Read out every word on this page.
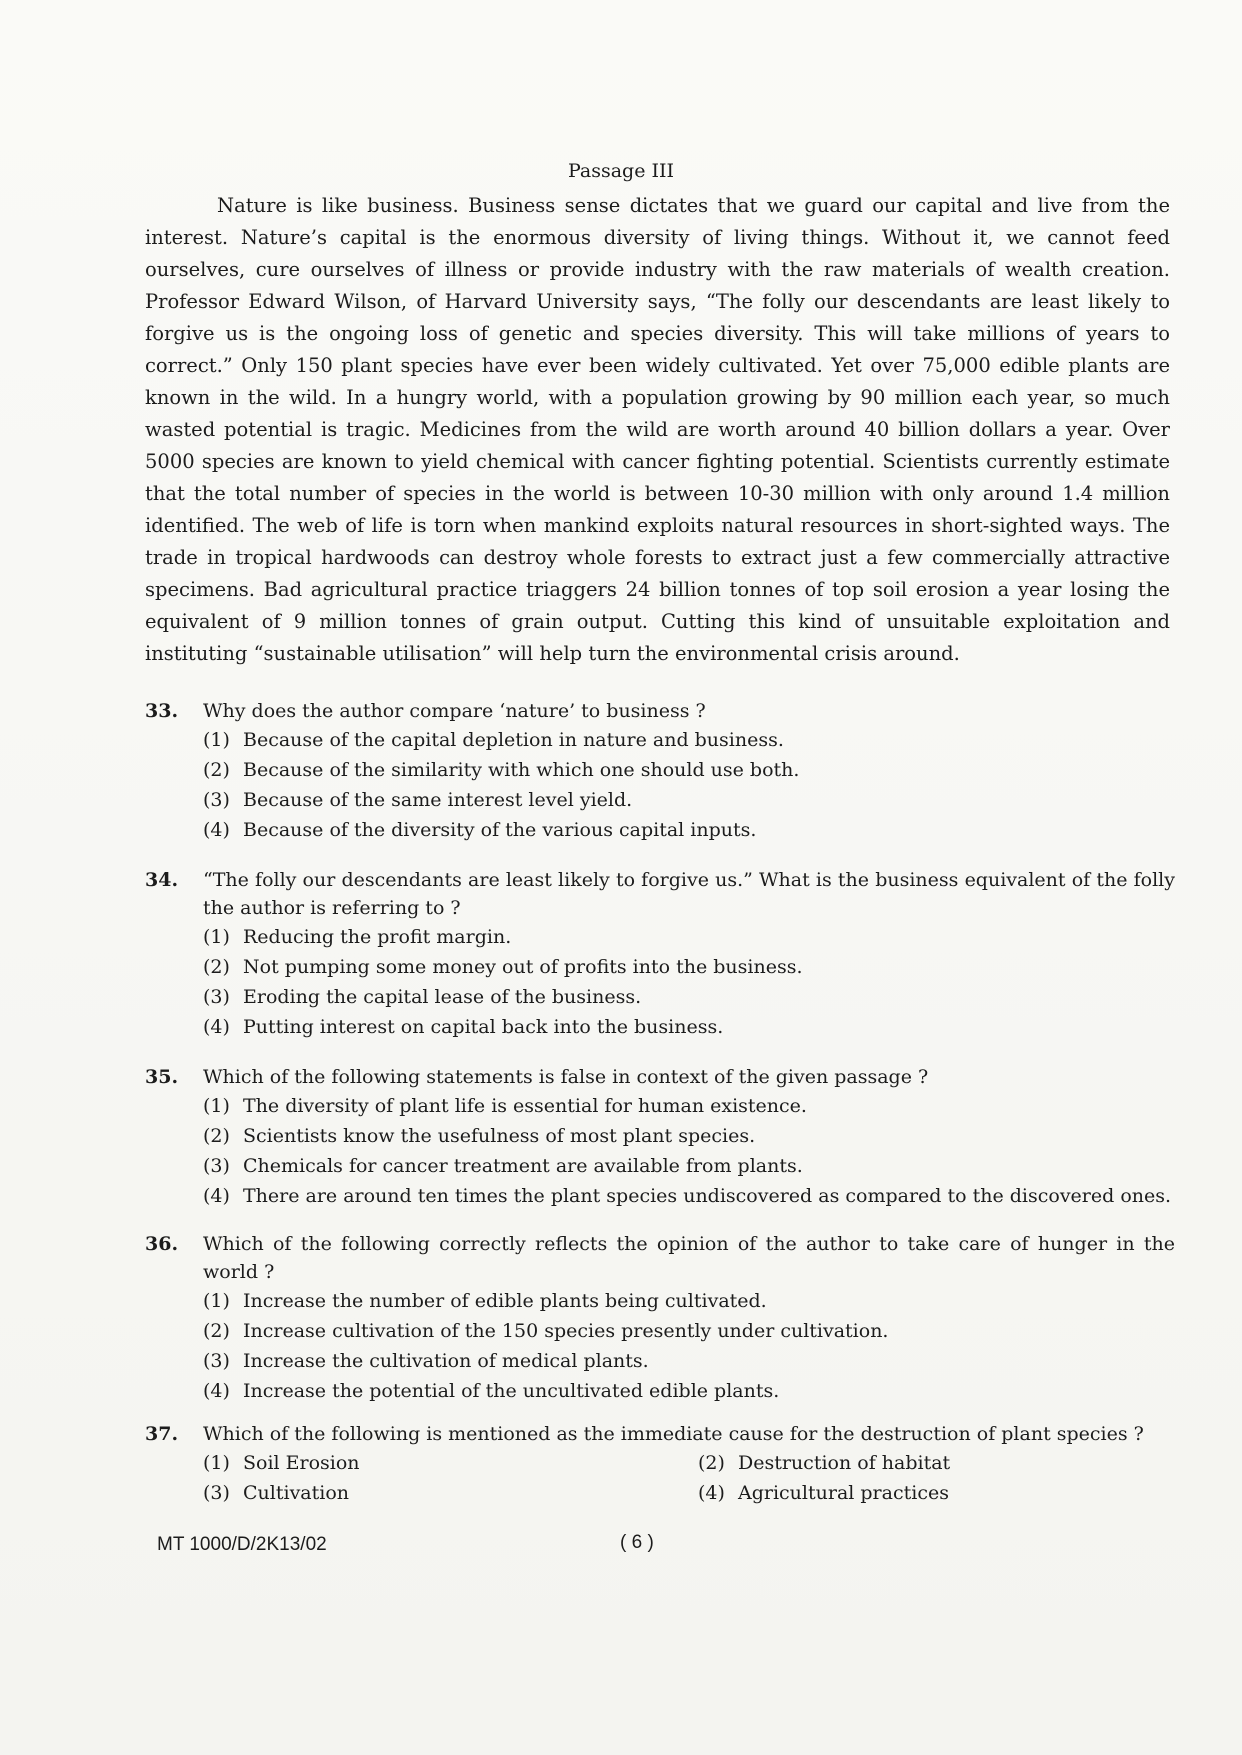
Passage III

Nature is like business. Business sense dictates that we guard our capital and live from the interest. Nature’s capital is the enormous diversity of living things. Without it, we cannot feed ourselves, cure ourselves of illness or provide industry with the raw materials of wealth creation. Professor Edward Wilson, of Harvard University says, “The folly our descendants are least likely to forgive us is the ongoing loss of genetic and species diversity. This will take millions of years to correct.” Only 150 plant species have ever been widely cultivated. Yet over 75,000 edible plants are known in the wild. In a hungry world, with a population growing by 90 million each year, so much wasted potential is tragic. Medicines from the wild are worth around 40 billion dollars a year. Over 5000 species are known to yield chemical with cancer fighting potential. Scientists currently estimate that the total number of species in the world is between 10-30 million with only around 1.4 million identified. The web of life is torn when mankind exploits natural resources in short-sighted ways. The trade in tropical hardwoods can destroy whole forests to extract just a few commercially attractive specimens. Bad agricultural practice triaggers 24 billion tonnes of top soil erosion a year losing the equivalent of 9 million tonnes of grain output. Cutting this kind of unsuitable exploitation and instituting “sustainable utilisation” will help turn the environmental crisis around.

33.	Why does the author compare ‘nature’ to business ?
(1) Because of the capital depletion in nature and business.
(2) Because of the similarity with which one should use both.
(3) Because of the same interest level yield.
(4) Because of the diversity of the various capital inputs.
34.	“The folly our descendants are least likely to forgive us.” What is the business equivalent of the folly the author is referring to ?
(1) Reducing the profit margin.
(2) Not pumping some money out of profits into the business.
(3) Eroding the capital lease of the business.
(4) Putting interest on capital back into the business.
35.	Which of the following statements is false in context of the given passage ?
(1) The diversity of plant life is essential for human existence.
(2) Scientists know the usefulness of most plant species.
(3) Chemicals for cancer treatment are available from plants.
(4) There are around ten times the plant species undiscovered as compared to the discovered ones.
36.	Which of the following correctly reflects the opinion of the author to take care of hunger in the world ?
(1) Increase the number of edible plants being cultivated.
(2) Increase cultivation of the 150 species presently under cultivation.
(3) Increase the cultivation of medical plants.
(4) Increase the potential of the uncultivated edible plants.
37.	Which of the following is mentioned as the immediate cause for the destruction of plant species ?
(1) Soil Erosion	(2) Destruction of habitat
(3) Cultivation	(4) Agricultural practices
MT 1000/D/2K13/02	( 6 )
